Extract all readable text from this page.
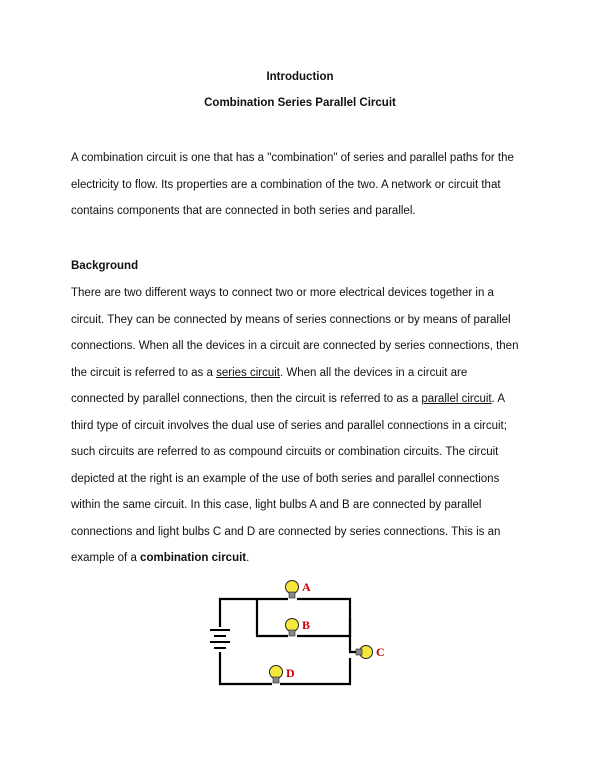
Introduction
Combination Series Parallel Circuit
A combination circuit is one that has a "combination" of series and parallel paths for the
electricity to flow. Its properties are a combination of the two. A network or circuit that
contains components that are connected in both series and parallel.
Background
There are two different ways to connect two or more electrical devices together in a
circuit. They can be connected by means of series connections or by means of parallel
connections. When all the devices in a circuit are connected by series connections, then
the circuit is referred to as a series circuit. When all the devices in a circuit are
connected by parallel connections, then the circuit is referred to as a parallel circuit. A
third type of circuit involves the dual use of series and parallel connections in a circuit;
such circuits are referred to as compound circuits or combination circuits. The circuit
depicted at the right is an example of the use of both series and parallel connections
within the same circuit. In this case, light bulbs A and B are connected by parallel
connections and light bulbs C and D are connected by series connections. This is an
example of a combination circuit.
A
B
C
D
